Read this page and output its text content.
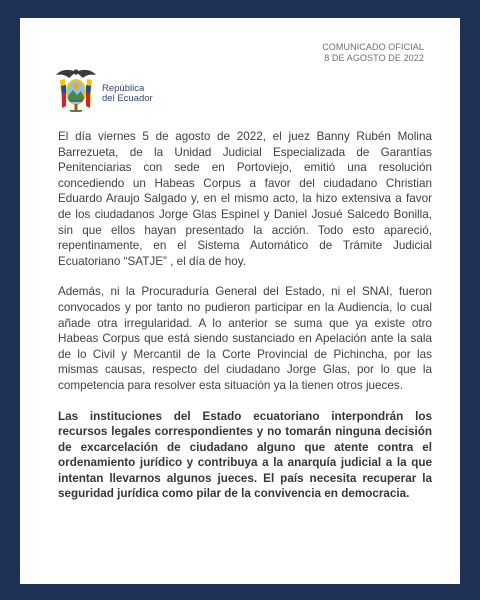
COMUNICADO OFICIAL
8 DE AGOSTO DE 2022
República
del Ecuador

El día viernes 5 de agosto de 2022, el juez Banny Rubén Molina Barrezueta, de la Unidad Judicial Especializada de Garantías Penitenciarias con sede en Portoviejo, emitió una resolución concediendo un Habeas Corpus a favor del ciudadano Christian Eduardo Araujo Salgado y, en el mismo acto, la hizo extensiva a favor de los ciudadanos Jorge Glas Espinel y Daniel Josué Salcedo Bonilla, sin que ellos hayan presentado la acción. Todo esto apareció, repentinamente, en el Sistema Automático de Trámite Judicial Ecuatoriano “SATJE” , el día de hoy.

Además, ni la Procuraduría General del Estado, ni el SNAI, fueron convocados y por tanto no pudieron participar en la Audiencia, lo cual añade otra irregularidad. A lo anterior se suma que ya existe otro Habeas Corpus que está siendo sustanciado en Apelación ante la sala de lo Civil y Mercantil de la Corte Provincial de Pichincha, por las mismas causas, respecto del ciudadano Jorge Glas, por lo que la competencia para resolver esta situación ya la tienen otros jueces.

Las instituciones del Estado ecuatoriano interpondrán los recursos legales correspondientes y no tomarán ninguna decisión de excarcelación de ciudadano alguno que atente contra el ordenamiento jurídico y contribuya a la anarquía judicial a la que intentan llevarnos algunos jueces. El país necesita recuperar la seguridad jurídica como pilar de la convivencia en democracia.
